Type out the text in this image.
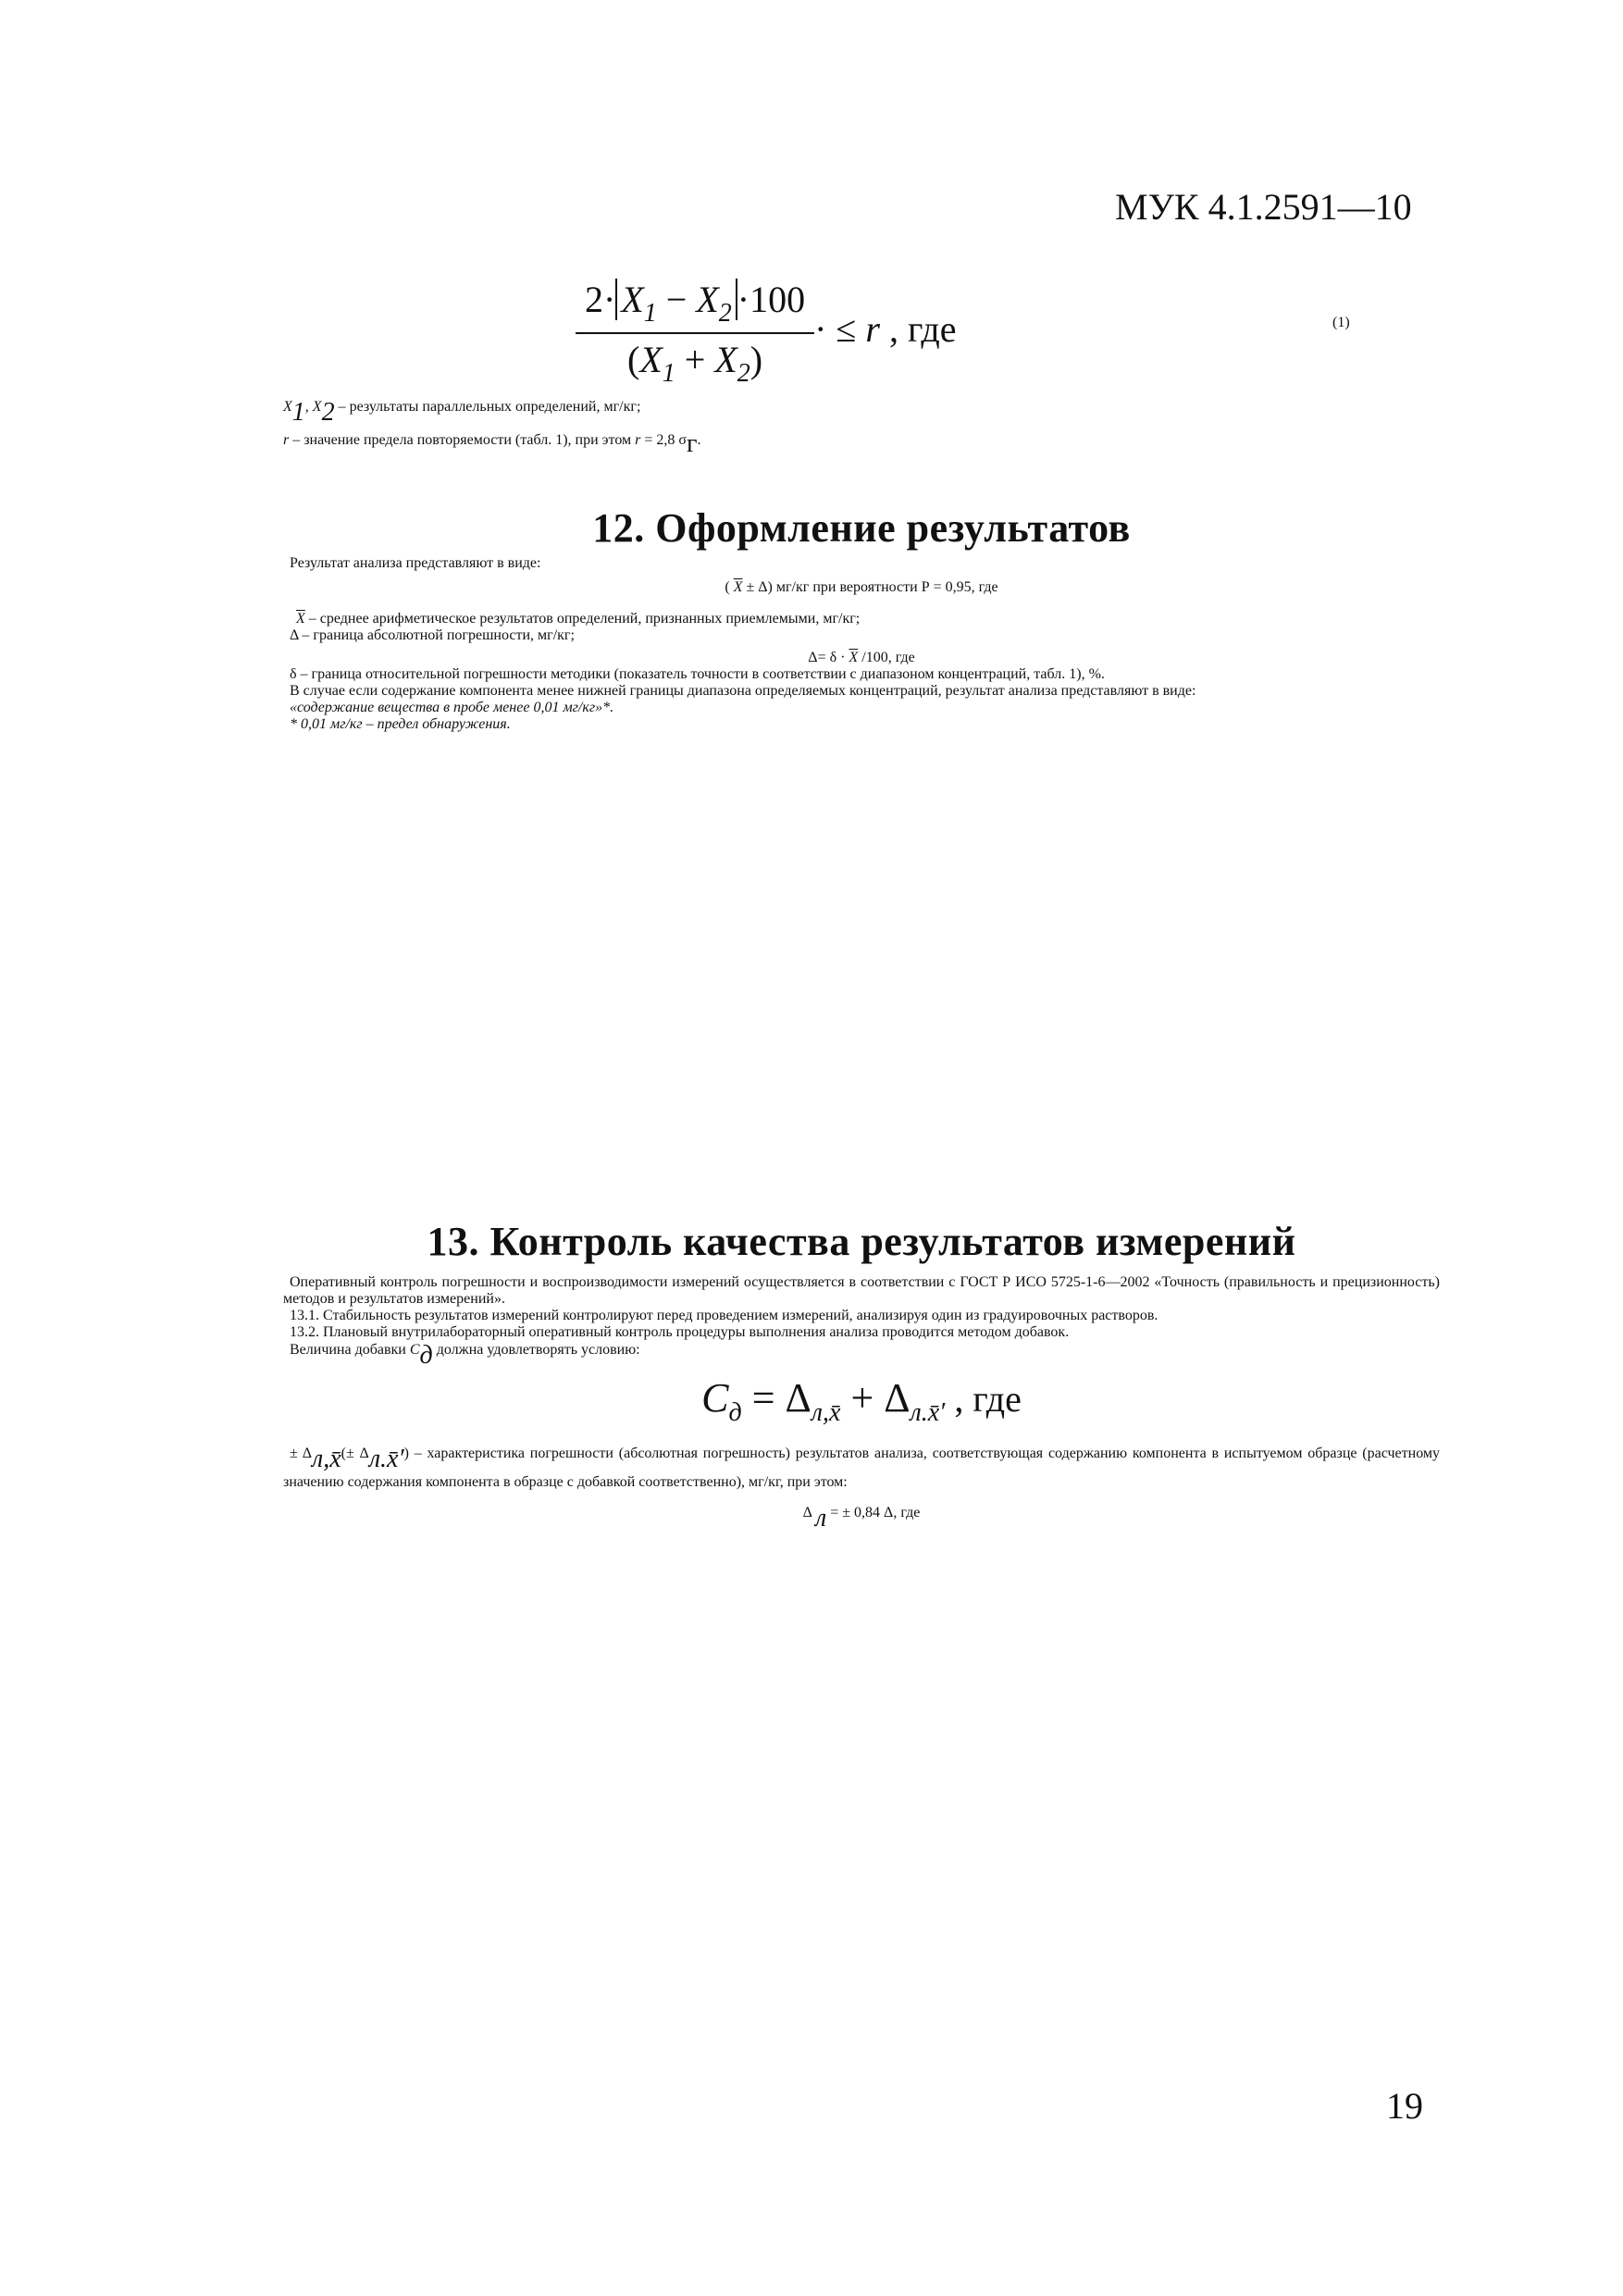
МУК 4.1.2591—10
$\frac{2\cdot X_1 - X_2 \cdot 100}{(X_1 + X_2)}$ · ≤ r , где	(1)

X1, X2 – результаты параллельных определений, мг/кг;

r – значение предела повторяемости (табл. 1), при этом r = 2,8 σг.

12. Оформление результатов

Результат анализа представляют в виде:

( $\overline{X} \pm \Delta$) мг/кг при вероятности Р = 0,95, где

$\overline{X}$ – среднее арифметическое результатов определений, признанных приемлемыми, мг/кг;

Δ – граница абсолютной погрешности, мг/кг;

$\Delta= \delta \cdot \overline{X}$ /100, где

δ – граница относительной погрешности методики (показатель точности в соответствии с диапазоном концентраций, табл. 1), %.

В случае если содержание компонента менее нижней границы диапазона определяемых концентраций, результат анализа представляют в виде:

«содержание вещества в пробе менее 0,01 мг/кг»*.

* 0,01 мг/кг – предел обнаружения.

13. Контроль качества результатов измерений

Оперативный контроль погрешности и воспроизводимости измерений осуществляется в соответствии с ГОСТ Р ИСО 5725-1-6—2002 «Точность (правильность и прецизионность) методов и результатов измерений».

13.1. Стабильность результатов измерений контролируют перед проведением измерений, анализируя один из градуировочных растворов.

13.2. Плановый внутрилабораторный оперативный контроль процедуры выполнения анализа проводится методом добавок.

Величина добавки Cд должна удовлетворять условию:

$C_д = \Delta_{л,x̄} + \Delta_{л.x̄'}$ , где

± Δл,x̄(± Δл.x̄′) – характеристика погрешности (абсолютная погрешность) результатов анализа, соответствующая содержанию компонента в испытуемом образце (расчетному значению содержания компонента в образце с добавкой соответственно), мг/кг, при этом:

Δ л = ± 0,84 Δ, где

19
